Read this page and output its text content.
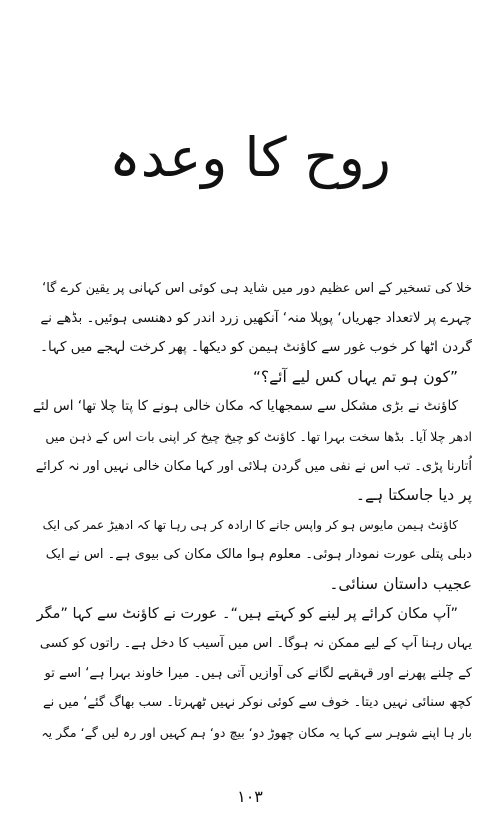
روح کا وعدہ
خلا کی تسخیر کے اس عظیم دور میں شاید ہی کوئی اس کہانی پر یقین کرے گا‘
چہرے پر لاتعداد جھریاں‘ پوپلا منہ‘ آنکھیں زرد اندر کو دھنسی ہوئیں۔ بڈھے نے
گردن اٹھا کر خوب غور سے کاؤنٹ ہیمن کو دیکھا۔ پھر کرخت لہجے میں کہا۔
”کون ہو تم یہاں کس لیے آئے؟“
کاؤنٹ نے بڑی مشکل سے سمجھایا کہ مکان خالی ہونے کا پتا چلا تھا‘ اس لئے
ادھر چلا آیا۔ بڈھا سخت بہرا تھا۔ کاؤنٹ کو چیخ چیخ کر اپنی بات اس کے ذہن میں
اُتارنا پڑی۔ تب اس نے نفی میں گردن ہلائی اور کہا مکان خالی نہیں اور نہ کرائے
پر دیا جاسکتا ہے۔
کاؤنٹ ہیمن مایوس ہو کر واپس جانے کا ارادہ کر ہی رہا تھا کہ ادھیڑ عمر کی ایک
دبلی پتلی عورت نمودار ہوئی۔ معلوم ہوا مالک مکان کی بیوی ہے۔ اس نے ایک
عجیب داستان سنائی۔
”آپ مکان کرائے پر لینے کو کہتے ہیں“۔ عورت نے کاؤنٹ سے کہا ”مگر
یہاں رہنا آپ کے لیے ممکن نہ ہوگا۔ اس میں آسیب کا دخل ہے۔ راتوں کو کسی
کے چلنے پھرنے اور قہقہے لگانے کی آوازیں آتی ہیں۔ میرا خاوند بہرا ہے‘ اسے تو
کچھ سنائی نہیں دیتا۔ خوف سے کوئی نوکر نہیں ٹھہرتا۔ سب بھاگ گئے‘ میں نے
بار ہا اپنے شوہر سے کہا یہ مکان چھوڑ دو‘ بیچ دو‘ ہم کہیں اور رہ لیں گے‘ مگر یہ
۱۰۳
